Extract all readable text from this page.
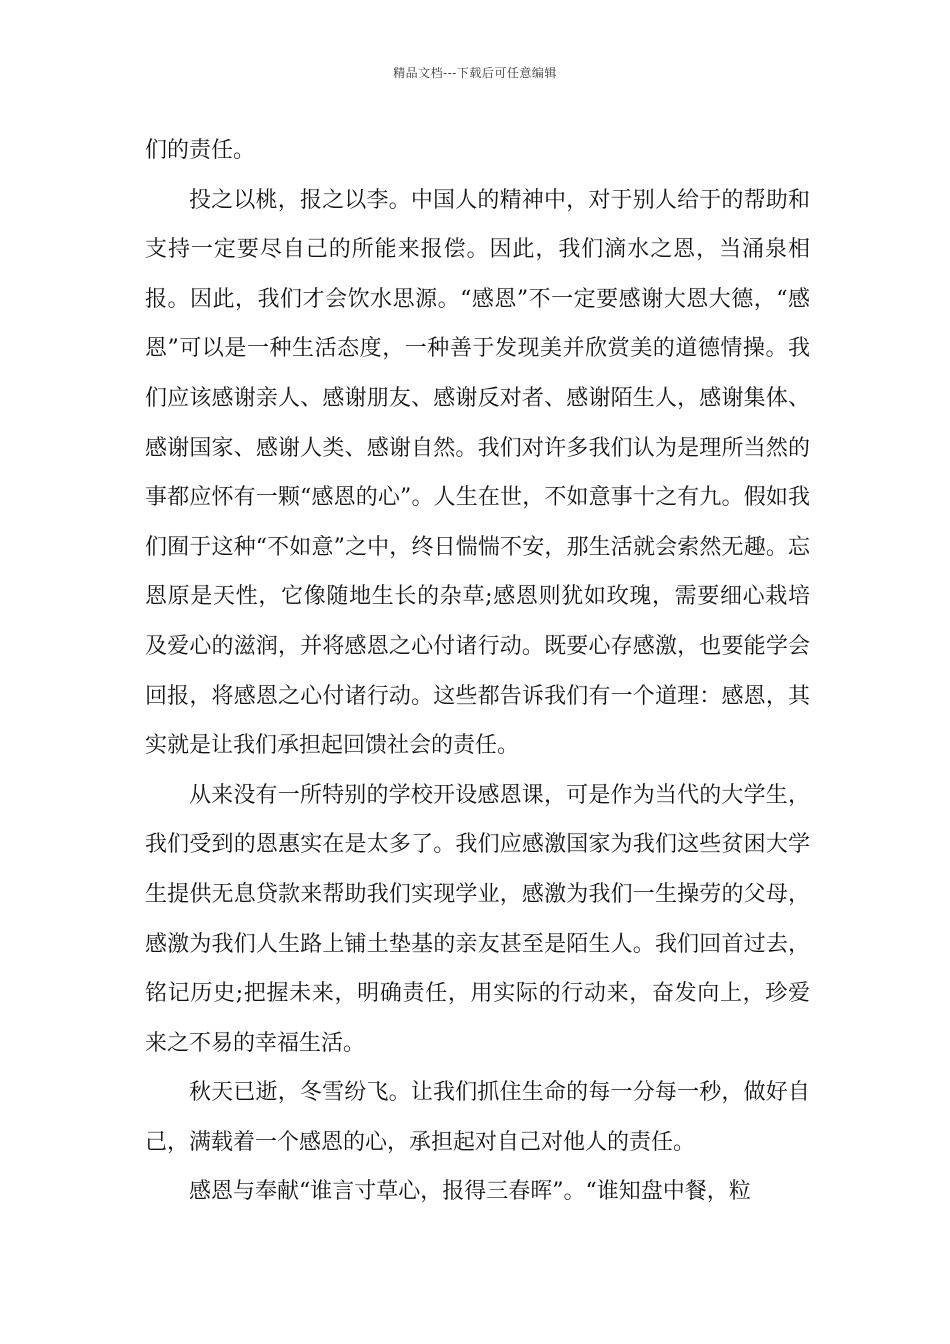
精品文档---下载后可任意编辑

们的责任。

投之以桃，报之以李。中国人的精神中，对于别人给于的帮助和支持一定要尽自己的所能来报偿。因此，我们滴水之恩，当涌泉相报。因此，我们才会饮水思源。“感恩”不一定要感谢大恩大德，“感恩”可以是一种生活态度，一种善于发现美并欣赏美的道德情操。我们应该感谢亲人、感谢朋友、感谢反对者、感谢陌生人，感谢集体、感谢国家、感谢人类、感谢自然。我们对许多我们认为是理所当然的事都应怀有一颗“感恩的心”。人生在世，不如意事十之有九。假如我们囿于这种“不如意”之中，终日惴惴不安，那生活就会索然无趣。忘恩原是天性，它像随地生长的杂草;感恩则犹如玫瑰，需要细心栽培及爱心的滋润，并将感恩之心付诸行动。既要心存感激，也要能学会回报，将感恩之心付诸行动。这些都告诉我们有一个道理：感恩，其实就是让我们承担起回馈社会的责任。

从来没有一所特别的学校开设感恩课，可是作为当代的大学生，我们受到的恩惠实在是太多了。我们应感激国家为我们这些贫困大学生提供无息贷款来帮助我们实现学业，感激为我们一生操劳的父母，感激为我们人生路上铺土垫基的亲友甚至是陌生人。我们回首过去，铭记历史;把握未来，明确责任，用实际的行动来，奋发向上，珍爱来之不易的幸福生活。

秋天已逝，冬雪纷飞。让我们抓住生命的每一分每一秒，做好自己，满载着一个感恩的心，承担起对自己对他人的责任。

感恩与奉献“谁言寸草心，报得三春晖”。“谁知盘中餐，粒
